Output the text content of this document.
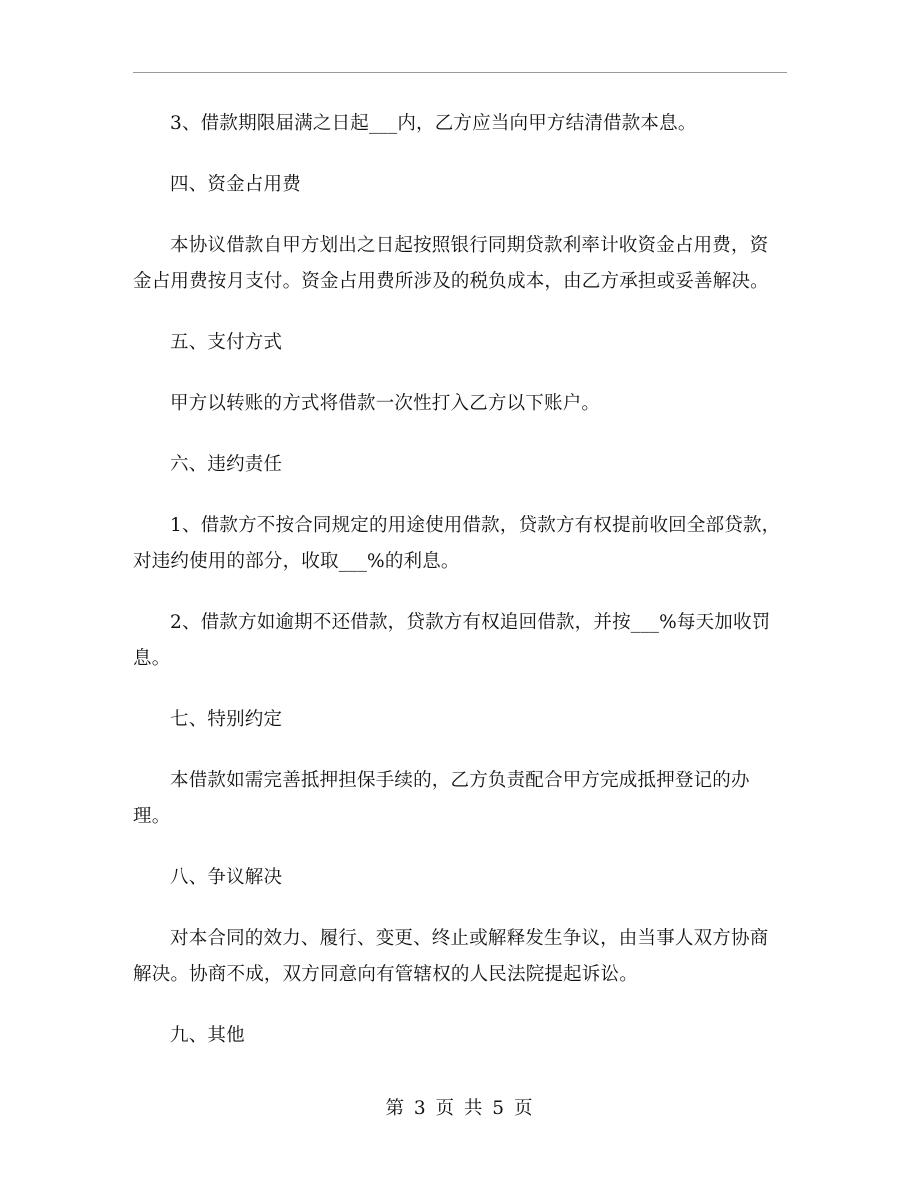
3、借款期限届满之日起___内，乙方应当向甲方结清借款本息。

四、资金占用费

本协议借款自甲方划出之日起按照银行同期贷款利率计收资金占用费，资金占用费按月支付。资金占用费所涉及的税负成本，由乙方承担或妥善解决。

五、支付方式

甲方以转账的方式将借款一次性打入乙方以下账户。

六、违约责任

1、借款方不按合同规定的用途使用借款，贷款方有权提前收回全部贷款，对违约使用的部分，收取___%的利息。

2、借款方如逾期不还借款，贷款方有权追回借款，并按___%每天加收罚息。

七、特别约定

本借款如需完善抵押担保手续的，乙方负责配合甲方完成抵押登记的办理。

八、争议解决

对本合同的效力、履行、变更、终止或解释发生争议，由当事人双方协商解决。协商不成，双方同意向有管辖权的人民法院提起诉讼。

九、其他

第 3 页 共 5 页
